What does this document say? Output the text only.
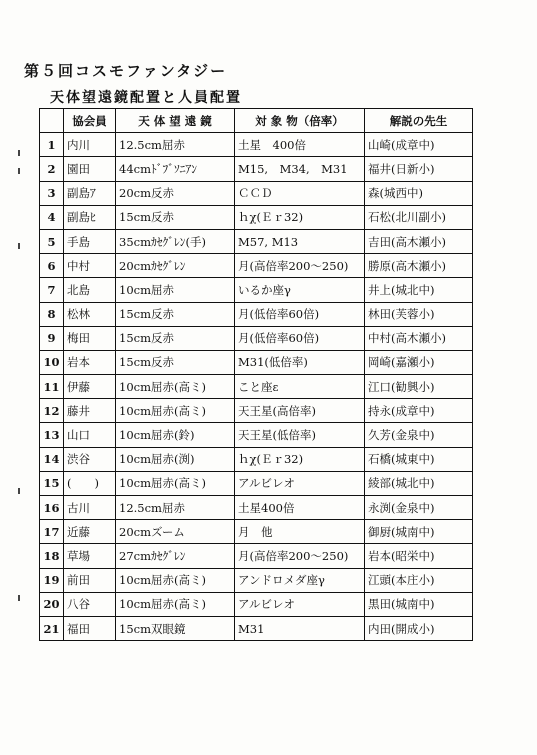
第５回コスモファンタジー
天体望遠鏡配置と人員配置
	協会員	天 体 望 遠 鏡	対 象 物（倍率）	解説の先生
1	内川	12.5cm屈赤	土星　400倍	山崎(成章中)
2	園田	44cmﾄﾞﾌﾞｿﾆｱﾝ	M15,　M34,　M31	福井(日新小)
3	副島ｱ	20cm反赤	ＣＣＤ	森(城西中)
4	副島ﾋ	15cm反赤	ｈχ(Ｅｒ32)	石松(北川副小)
5	手島	35cmｶｾｸﾞﾚﾝ(手)	M57, M13	吉田(高木瀬小)
6	中村	20cmｶｾｸﾞﾚﾝ	月(高倍率200～250)	勝原(高木瀬小)
7	北島	10cm屈赤	いるか座γ	井上(城北中)
8	松林	15cm反赤	月(低倍率60倍)	林田(芙蓉小)
9	梅田	15cm反赤	月(低倍率60倍)	中村(高木瀬小)
10	岩本	15cm反赤	M31(低倍率)	岡崎(嘉瀬小)
11	伊藤	10cm屈赤(高ミ)	こと座ε	江口(勧興小)
12	藤井	10cm屈赤(高ミ)	天王星(高倍率)	持永(成章中)
13	山口	10cm屈赤(鈴)	天王星(低倍率)	久芳(金泉中)
14	渋谷	10cm屈赤(渕)	ｈχ(Ｅｒ32)	石橋(城東中)
15	(　　)	10cm屈赤(高ミ)	アルビレオ	綾部(城北中)
16	古川	12.5cm屈赤	土星400倍	永渕(金泉中)
17	近藤	20cmズーム	月　他	御厨(城南中)
18	草場	27cmｶｾｸﾞﾚﾝ	月(高倍率200～250)	岩本(昭栄中)
19	前田	10cm屈赤(高ミ)	アンドロメダ座γ	江頭(本庄小)
20	八谷	10cm屈赤(高ミ)	アルビレオ	黒田(城南中)
21	福田	15cm双眼鏡	M31	内田(開成小)
